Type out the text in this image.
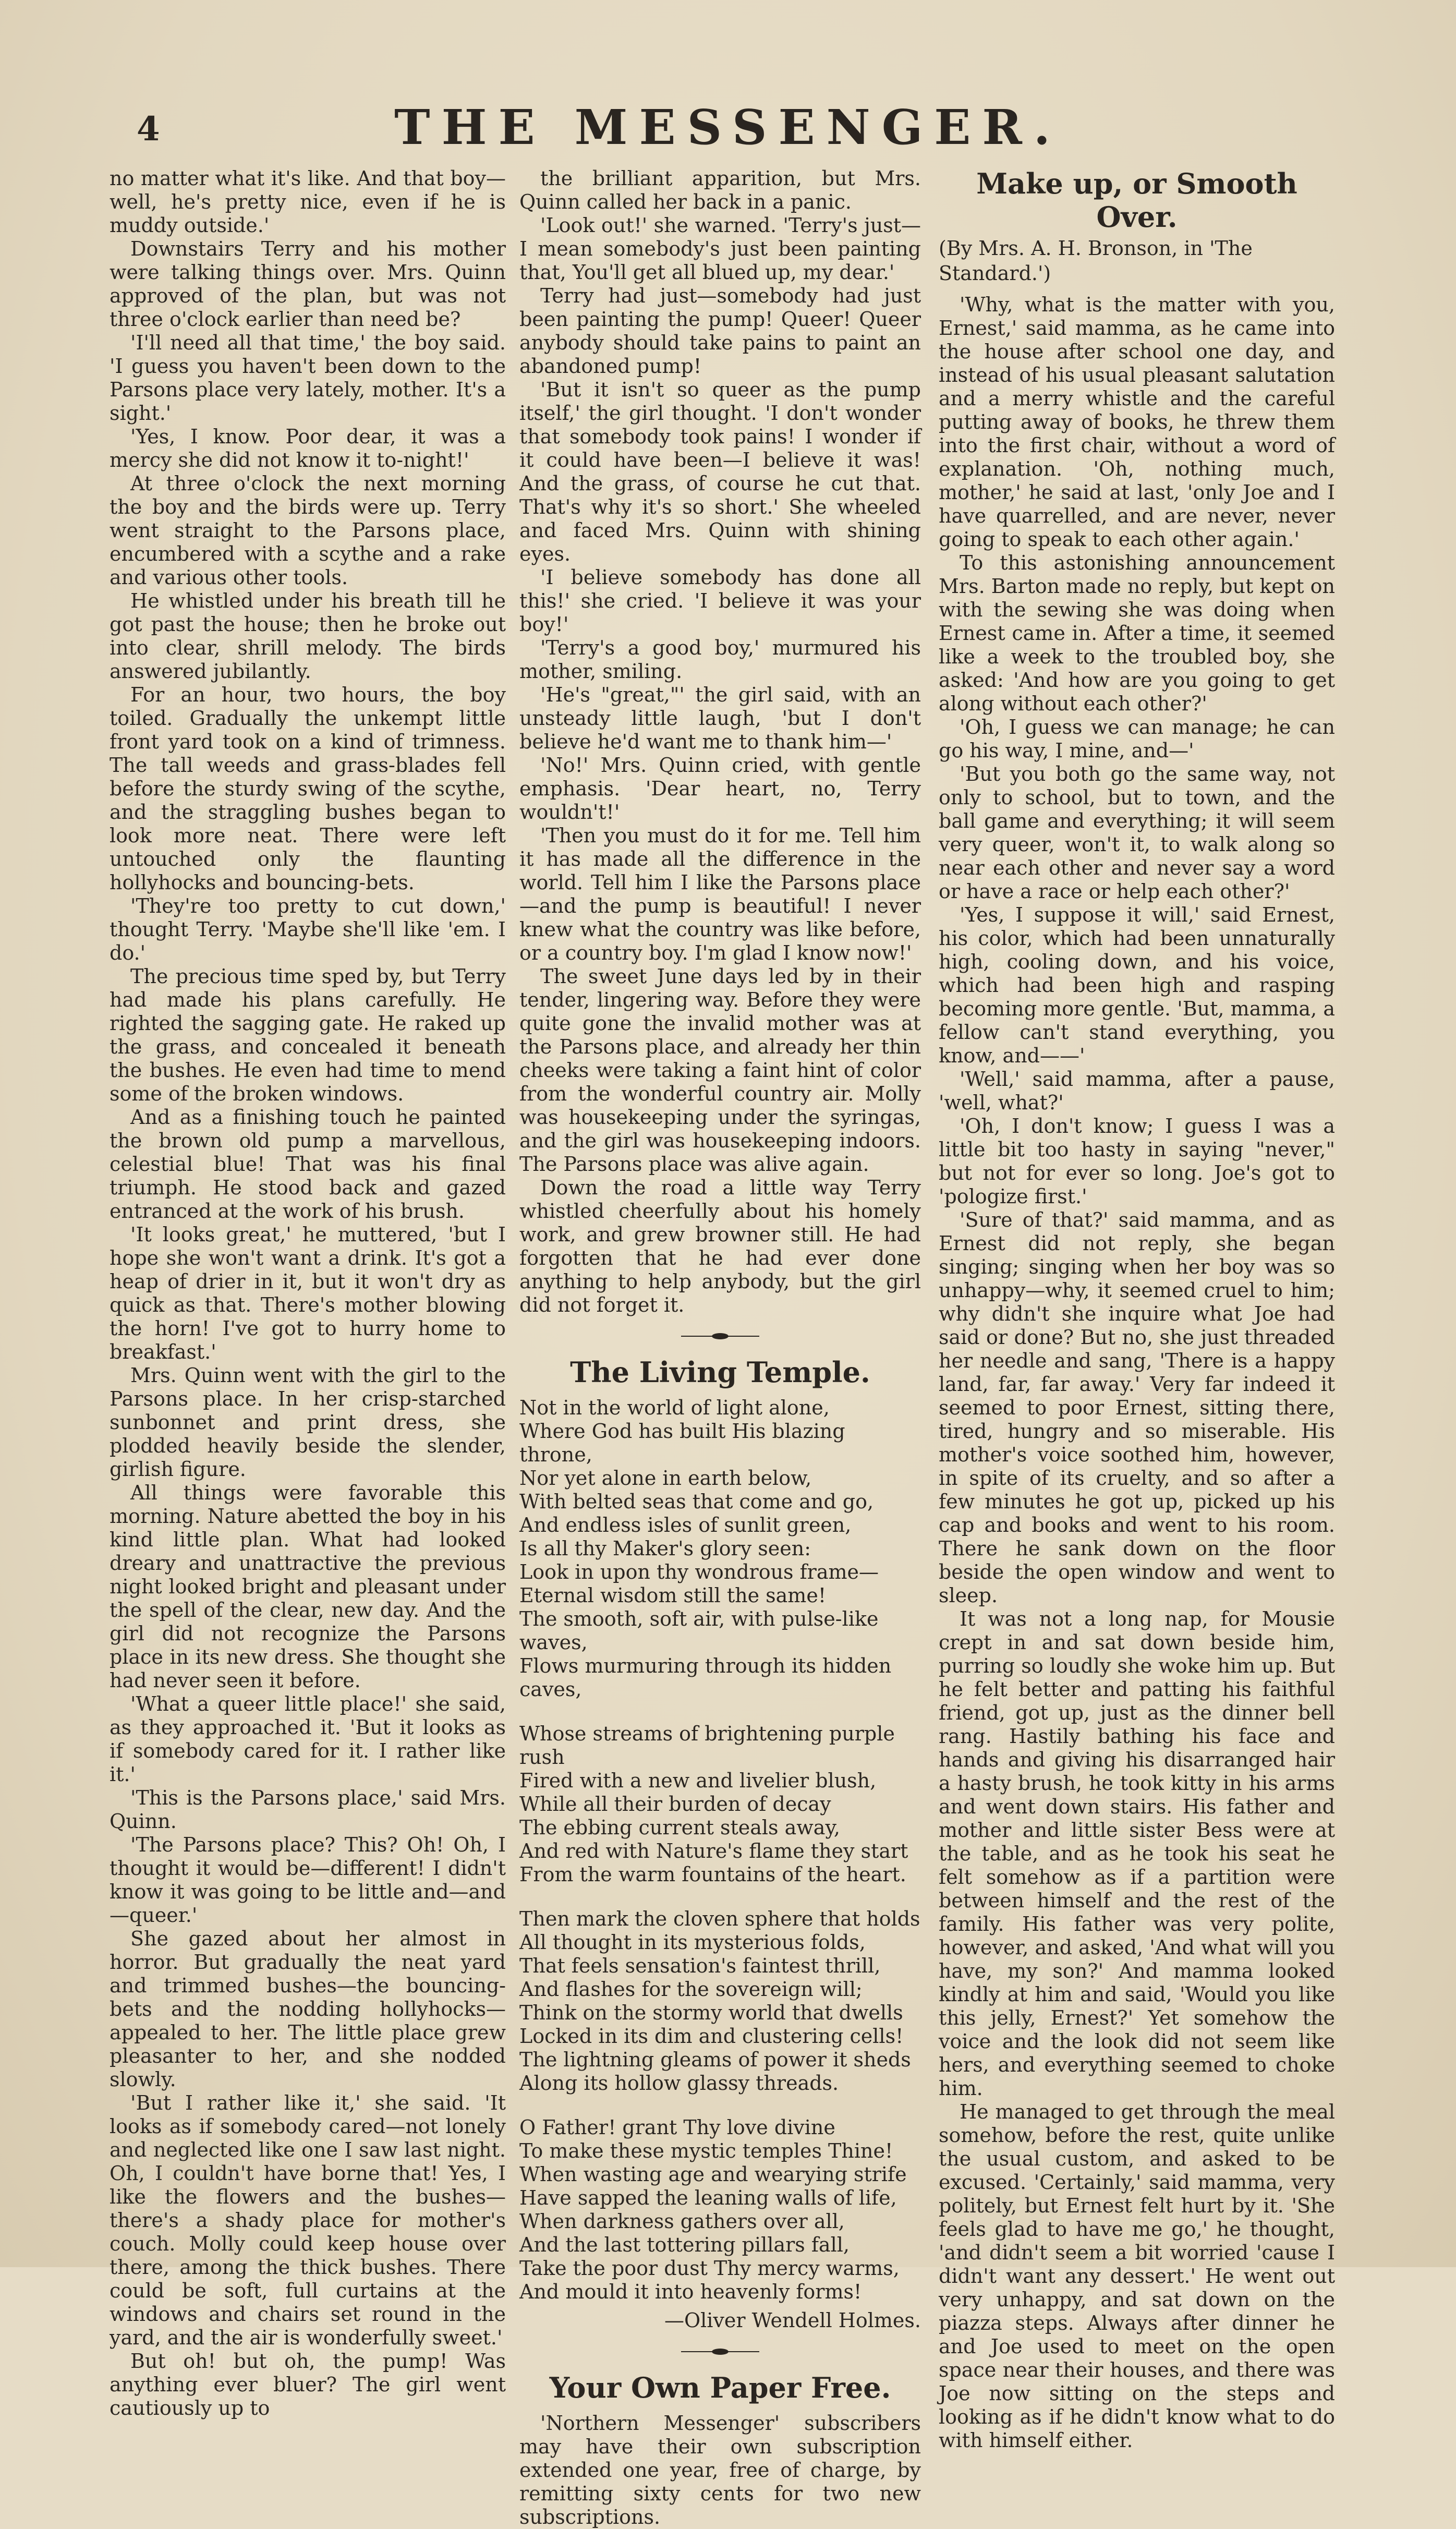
4	THE MESSENGER.

no matter what it's like. And that boy—well, he's pretty nice, even if he is muddy outside.'

Downstairs Terry and his mother were talking things over. Mrs. Quinn approved of the plan, but was not three o'clock earlier than need be?

'I'll need all that time,' the boy said. 'I guess you haven't been down to the Parsons place very lately, mother. It's a sight.'

'Yes, I know. Poor dear, it was a mercy she did not know it to-night!'

At three o'clock the next morning the boy and the birds were up. Terry went straight to the Parsons place, encumbered with a scythe and a rake and various other tools.

He whistled under his breath till he got past the house; then he broke out into clear, shrill melody. The birds answered jubilantly.

For an hour, two hours, the boy toiled. Gradually the unkempt little front yard took on a kind of trimness. The tall weeds and grass-blades fell before the sturdy swing of the scythe, and the straggling bushes began to look more neat. There were left untouched only the flaunting hollyhocks and bouncing-bets.

'They're too pretty to cut down,' thought Terry. 'Maybe she'll like 'em. I do.'

The precious time sped by, but Terry had made his plans carefully. He righted the sagging gate. He raked up the grass, and concealed it beneath the bushes. He even had time to mend some of the broken windows.

And as a finishing touch he painted the brown old pump a marvellous, celestial blue! That was his final triumph. He stood back and gazed entranced at the work of his brush.

'It looks great,' he muttered, 'but I hope she won't want a drink. It's got a heap of drier in it, but it won't dry as quick as that. There's mother blowing the horn! I've got to hurry home to breakfast.'

Mrs. Quinn went with the girl to the Parsons place. In her crisp-starched sunbonnet and print dress, she plodded heavily beside the slender, girlish figure.

All things were favorable this morning. Nature abetted the boy in his kind little plan. What had looked dreary and unattractive the previous night looked bright and pleasant under the spell of the clear, new day. And the girl did not recognize the Parsons place in its new dress. She thought she had never seen it before.

'What a queer little place!' she said, as they approached it. 'But it looks as if somebody cared for it. I rather like it.'

'This is the Parsons place,' said Mrs. Quinn.

'The Parsons place? This? Oh! Oh, I thought it would be—different! I didn't know it was going to be little and—and—queer.'

She gazed about her almost in horror. But gradually the neat yard and trimmed bushes—the bouncing-bets and the nodding hollyhocks—appealed to her. The little place grew pleasanter to her, and she nodded slowly.

'But I rather like it,' she said. 'It looks as if somebody cared—not lonely and neglected like one I saw last night. Oh, I couldn't have borne that! Yes, I like the flowers and the bushes—there's a shady place for mother's couch. Molly could keep house over there, among the thick bushes. There could be soft, full curtains at the windows and chairs set round in the yard, and the air is wonderfully sweet.'

But oh! but oh, the pump! Was anything ever bluer? The girl went cautiously up to

the brilliant apparition, but Mrs. Quinn called her back in a panic.

'Look out!' she warned. 'Terry's just—I mean somebody's just been painting that, You'll get all blued up, my dear.'

Terry had just—somebody had just been painting the pump! Queer! Queer anybody should take pains to paint an abandoned pump!

'But it isn't so queer as the pump itself,' the girl thought. 'I don't wonder that somebody took pains! I wonder if it could have been—I believe it was! And the grass, of course he cut that. That's why it's so short.' She wheeled and faced Mrs. Quinn with shining eyes.

'I believe somebody has done all this!' she cried. 'I believe it was your boy!'

'Terry's a good boy,' murmured his mother, smiling.

'He's "great,"' the girl said, with an unsteady little laugh, 'but I don't believe he'd want me to thank him—'

'No!' Mrs. Quinn cried, with gentle emphasis. 'Dear heart, no, Terry wouldn't!'

'Then you must do it for me. Tell him it has made all the difference in the world. Tell him I like the Parsons place—and the pump is beautiful! I never knew what the country was like before, or a country boy. I'm glad I know now!'

The sweet June days led by in their tender, lingering way. Before they were quite gone the invalid mother was at the Parsons place, and already her thin cheeks were taking a faint hint of color from the wonderful country air. Molly was housekeeping under the syringas, and the girl was housekeeping indoors. The Parsons place was alive again.

Down the road a little way Terry whistled cheerfully about his homely work, and grew browner still. He had forgotten that he had ever done anything to help anybody, but the girl did not forget it.

The Living Temple.
Not in the world of light alone,
Where God has built His blazing throne,
Nor yet alone in earth below,
With belted seas that come and go,
And endless isles of sunlit green,
Is all thy Maker's glory seen:
Look in upon thy wondrous frame—
Eternal wisdom still the same!
The smooth, soft air, with pulse-like waves,
Flows murmuring through its hidden caves,
Whose streams of brightening purple rush
Fired with a new and livelier blush,
While all their burden of decay
The ebbing current steals away,
And red with Nature's flame they start
From the warm fountains of the heart.
Then mark the cloven sphere that holds
All thought in its mysterious folds,
That feels sensation's faintest thrill,
And flashes for the sovereign will;
Think on the stormy world that dwells
Locked in its dim and clustering cells!
The lightning gleams of power it sheds
Along its hollow glassy threads.
O Father! grant Thy love divine
To make these mystic temples Thine!
When wasting age and wearying strife
Have sapped the leaning walls of life,
When darkness gathers over all,
And the last tottering pillars fall,
Take the poor dust Thy mercy warms,
And mould it into heavenly forms!
—Oliver Wendell Holmes.
Your Own Paper Free.

'Northern Messenger' subscribers may have their own subscription extended one year, free of charge, by remitting sixty cents for two new subscriptions.

Make up, or Smooth Over.
(By Mrs. A. H. Bronson, in 'The Standard.')

'Why, what is the matter with you, Ernest,' said mamma, as he came into the house after school one day, and instead of his usual pleasant salutation and a merry whistle and the careful putting away of books, he threw them into the first chair, without a word of explanation. 'Oh, nothing much, mother,' he said at last, 'only Joe and I have quarrelled, and are never, never going to speak to each other again.'

To this astonishing announcement Mrs. Barton made no reply, but kept on with the sewing she was doing when Ernest came in. After a time, it seemed like a week to the troubled boy, she asked: 'And how are you going to get along without each other?'

'Oh, I guess we can manage; he can go his way, I mine, and—'

'But you both go the same way, not only to school, but to town, and the ball game and everything; it will seem very queer, won't it, to walk along so near each other and never say a word or have a race or help each other?'

'Yes, I suppose it will,' said Ernest, his color, which had been unnaturally high, cooling down, and his voice, which had been high and rasping becoming more gentle. 'But, mamma, a fellow can't stand everything, you know, and——'

'Well,' said mamma, after a pause, 'well, what?'

'Oh, I don't know; I guess I was a little bit too hasty in saying "never," but not for ever so long. Joe's got to 'pologize first.'

'Sure of that?' said mamma, and as Ernest did not reply, she began singing; singing when her boy was so unhappy—why, it seemed cruel to him; why didn't she inquire what Joe had said or done? But no, she just threaded her needle and sang, 'There is a happy land, far, far away.' Very far indeed it seemed to poor Ernest, sitting there, tired, hungry and so miserable. His mother's voice soothed him, however, in spite of its cruelty, and so after a few minutes he got up, picked up his cap and books and went to his room. There he sank down on the floor beside the open window and went to sleep.

It was not a long nap, for Mousie crept in and sat down beside him, purring so loudly she woke him up. But he felt better and patting his faithful friend, got up, just as the dinner bell rang. Hastily bathing his face and hands and giving his disarranged hair a hasty brush, he took kitty in his arms and went down stairs. His father and mother and little sister Bess were at the table, and as he took his seat he felt somehow as if a partition were between himself and the rest of the family. His father was very polite, however, and asked, 'And what will you have, my son?' And mamma looked kindly at him and said, 'Would you like this jelly, Ernest?' Yet somehow the voice and the look did not seem like hers, and everything seemed to choke him.

He managed to get through the meal somehow, before the rest, quite unlike the usual custom, and asked to be excused. 'Certainly,' said mamma, very politely, but Ernest felt hurt by it. 'She feels glad to have me go,' he thought, 'and didn't seem a bit worried 'cause I didn't want any dessert.' He went out very unhappy, and sat down on the piazza steps. Always after dinner he and Joe used to meet on the open space near their houses, and there was Joe now sitting on the steps and looking as if he didn't know what to do with himself either.
